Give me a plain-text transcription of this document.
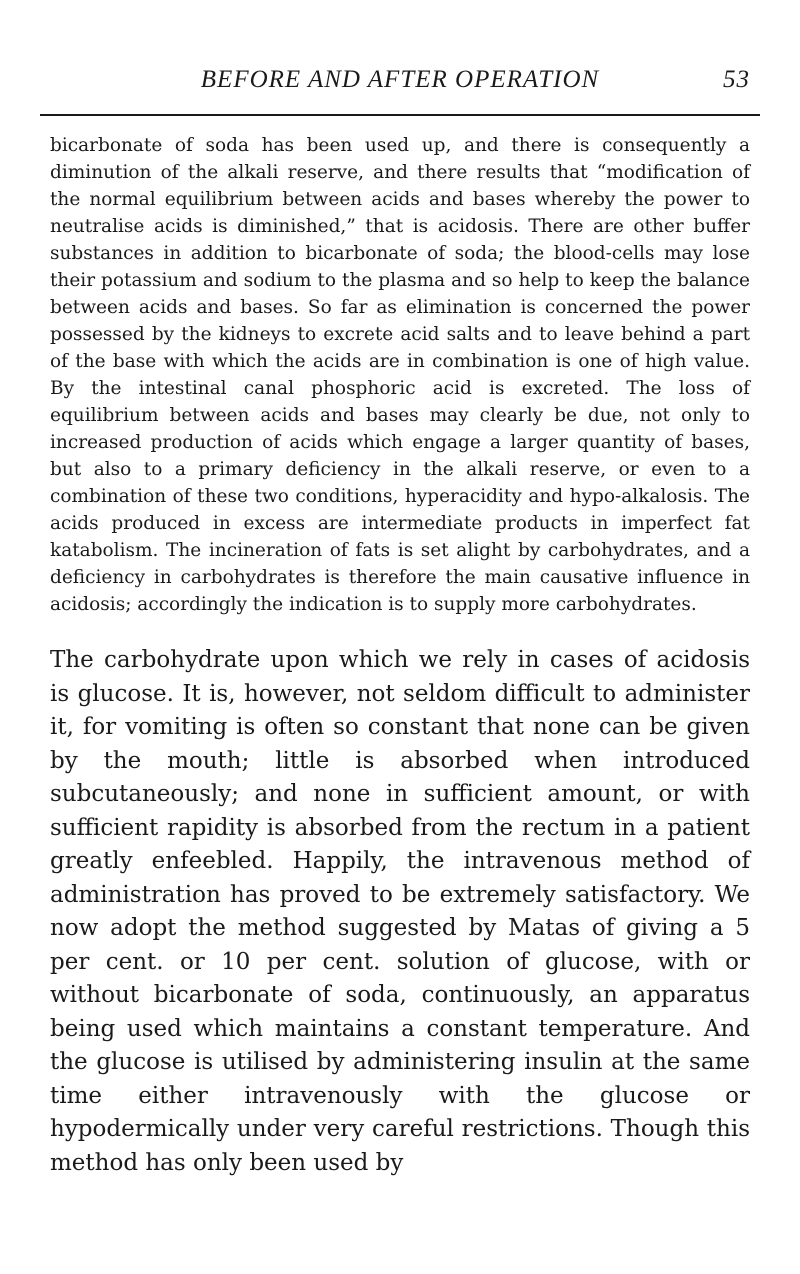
BEFORE AND AFTER OPERATION	53

bicarbonate of soda has been used up, and there is consequently a diminution of the alkali reserve, and there results that “modification of the normal equilibrium between acids and bases whereby the power to neutralise acids is diminished,” that is acidosis. There are other buffer substances in addition to bicarbonate of soda; the blood-cells may lose their potassium and sodium to the plasma and so help to keep the balance between acids and bases. So far as elimination is concerned the power possessed by the kidneys to excrete acid salts and to leave behind a part of the base with which the acids are in combination is one of high value. By the intestinal canal phosphoric acid is excreted. The loss of equilibrium between acids and bases may clearly be due, not only to increased production of acids which engage a larger quantity of bases, but also to a primary deficiency in the alkali reserve, or even to a combination of these two conditions, hyperacidity and hypo-alkalosis. The acids produced in excess are intermediate products in imperfect fat katabolism. The incineration of fats is set alight by carbohydrates, and a deficiency in carbohydrates is therefore the main causative influence in acidosis; accordingly the indication is to supply more carbohydrates.

The carbohydrate upon which we rely in cases of acidosis is glucose. It is, however, not seldom difficult to administer it, for vomiting is often so constant that none can be given by the mouth; little is absorbed when introduced subcutaneously; and none in sufficient amount, or with sufficient rapidity is absorbed from the rectum in a patient greatly enfeebled. Happily, the intravenous method of administration has proved to be extremely satisfactory. We now adopt the method suggested by Matas of giving a 5 per cent. or 10 per cent. solution of glucose, with or without bicarbonate of soda, continuously, an apparatus being used which maintains a constant temperature. And the glucose is utilised by administering insulin at the same time either intravenously with the glucose or hypodermically under very careful restrictions. Though this method has only been used by
